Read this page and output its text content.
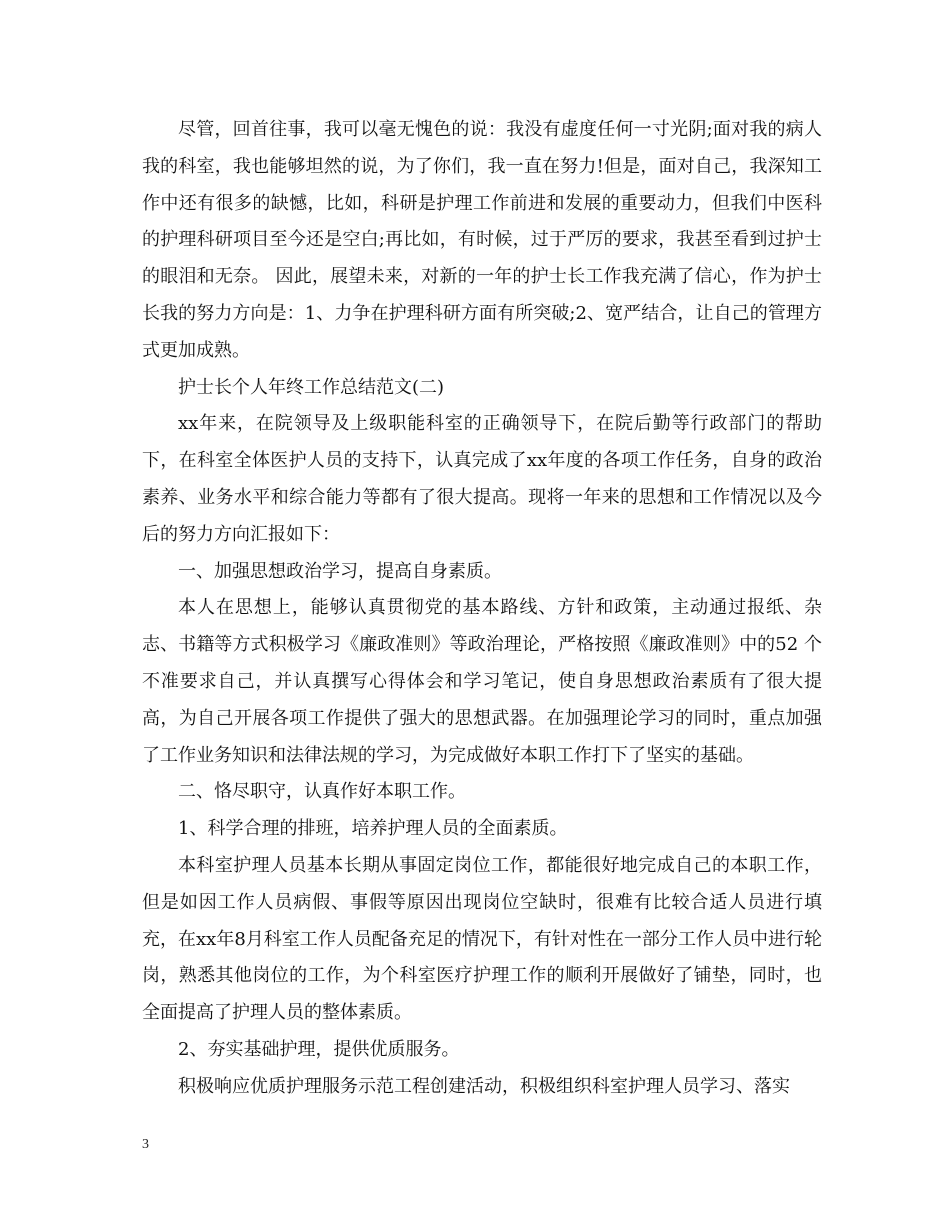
尽管，回首往事，我可以毫无愧色的说：我没有虚度任何一寸光阴;面对我的病人我的科室，我也能够坦然的说，为了你们，我一直在努力!但是，面对自己，我深知工作中还有很多的缺憾，比如，科研是护理工作前进和发展的重要动力，但我们中医科的护理科研项目至今还是空白;再比如，有时候，过于严厉的要求，我甚至看到过护士的眼泪和无奈。 因此，展望未来，对新的一年的护士长工作我充满了信心，作为护士长我的努力方向是：1、力争在护理科研方面有所突破;2、宽严结合，让自己的管理方式更加成熟。

护士长个人年终工作总结范文(二)

xx年来，在院领导及上级职能科室的正确领导下，在院后勤等行政部门的帮助下，在科室全体医护人员的支持下，认真完成了xx年度的各项工作任务，自身的政治素养、业务水平和综合能力等都有了很大提高。现将一年来的思想和工作情况以及今后的努力方向汇报如下：

一、加强思想政治学习，提高自身素质。

本人在思想上，能够认真贯彻党的基本路线、方针和政策，主动通过报纸、杂志、书籍等方式积极学习《廉政准则》等政治理论，严格按照《廉政准则》中的52 个 不准要求自己，并认真撰写心得体会和学习笔记，使自身思想政治素质有了很大提高，为自己开展各项工作提供了强大的思想武器。在加强理论学习的同时，重点加强了工作业务知识和法律法规的学习，为完成做好本职工作打下了坚实的基础。

二、恪尽职守，认真作好本职工作。

1、科学合理的排班，培养护理人员的全面素质。

本科室护理人员基本长期从事固定岗位工作，都能很好地完成自己的本职工作，但是如因工作人员病假、事假等原因出现岗位空缺时，很难有比较合适人员进行填充，在xx年8月科室工作人员配备充足的情况下，有针对性在一部分工作人员中进行轮岗，熟悉其他岗位的工作，为个科室医疗护理工作的顺利开展做好了铺垫，同时，也全面提高了护理人员的整体素质。

2、夯实基础护理，提供优质服务。

积极响应优质护理服务示范工程创建活动，积极组织科室护理人员学习、落实

3
